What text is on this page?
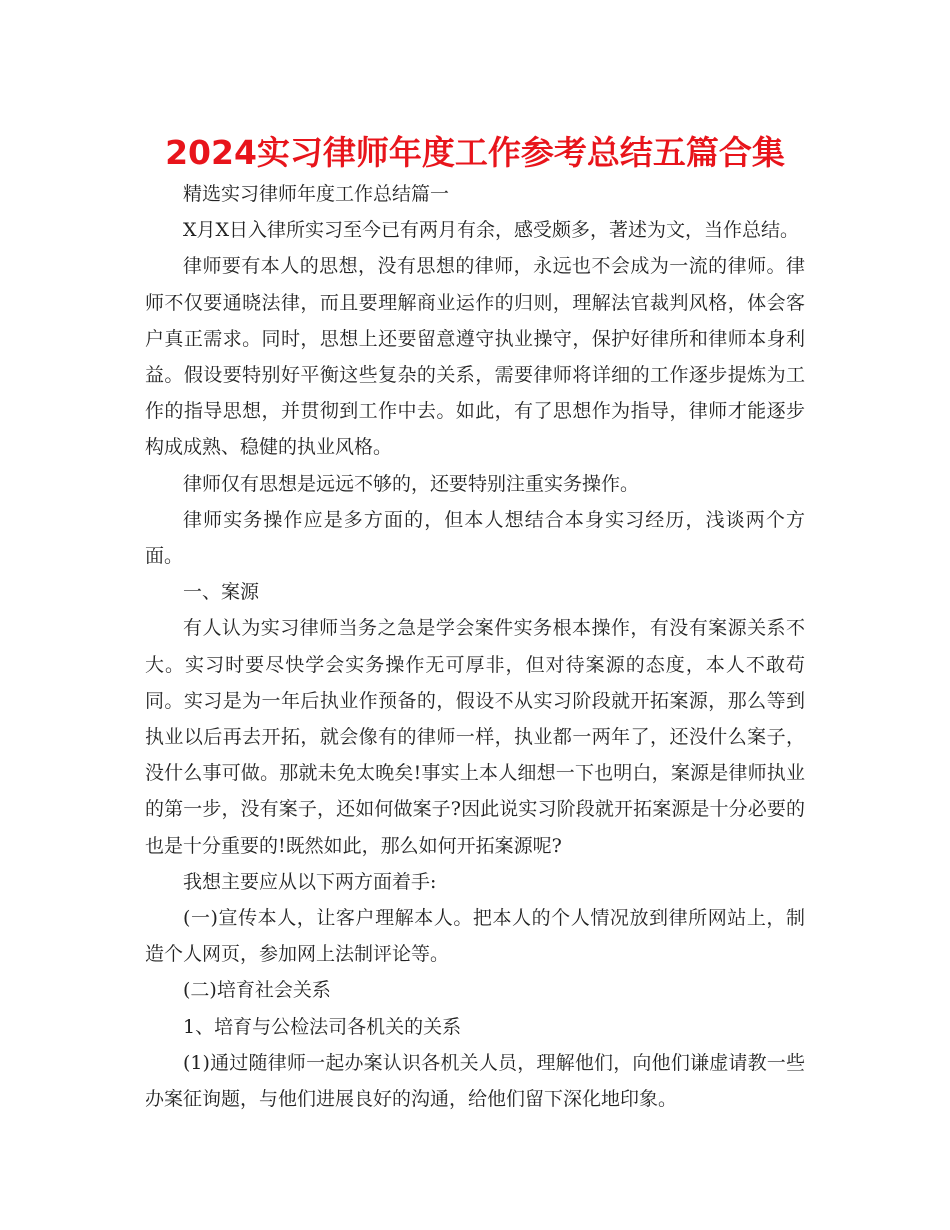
2024实习律师年度工作参考总结五篇合集

精选实习律师年度工作总结篇一

X月X日入律所实习至今已有两月有余，感受颇多，著述为文，当作总结。

律师要有本人的思想，没有思想的律师，永远也不会成为一流的律师。律师不仅要通晓法律，而且要理解商业运作的归则，理解法官裁判风格，体会客户真正需求。同时，思想上还要留意遵守执业操守，保护好律所和律师本身利益。假设要特别好平衡这些复杂的关系，需要律师将详细的工作逐步提炼为工作的指导思想，并贯彻到工作中去。如此，有了思想作为指导，律师才能逐步构成成熟、稳健的执业风格。

律师仅有思想是远远不够的，还要特别注重实务操作。

律师实务操作应是多方面的，但本人想结合本身实习经历，浅谈两个方面。

一、案源

有人认为实习律师当务之急是学会案件实务根本操作，有没有案源关系不大。实习时要尽快学会实务操作无可厚非，但对待案源的态度，本人不敢苟同。实习是为一年后执业作预备的，假设不从实习阶段就开拓案源，那么等到执业以后再去开拓，就会像有的律师一样，执业都一两年了，还没什么案子，没什么事可做。那就未免太晚矣!事实上本人细想一下也明白，案源是律师执业的第一步，没有案子，还如何做案子?因此说实习阶段就开拓案源是十分必要的也是十分重要的!既然如此，那么如何开拓案源呢?

我想主要应从以下两方面着手:

(一)宣传本人，让客户理解本人。把本人的个人情况放到律所网站上，制造个人网页，参加网上法制评论等。

(二)培育社会关系

1、培育与公检法司各机关的关系

(1)通过随律师一起办案认识各机关人员，理解他们，向他们谦虚请教一些办案征询题，与他们进展良好的沟通，给他们留下深化地印象。
